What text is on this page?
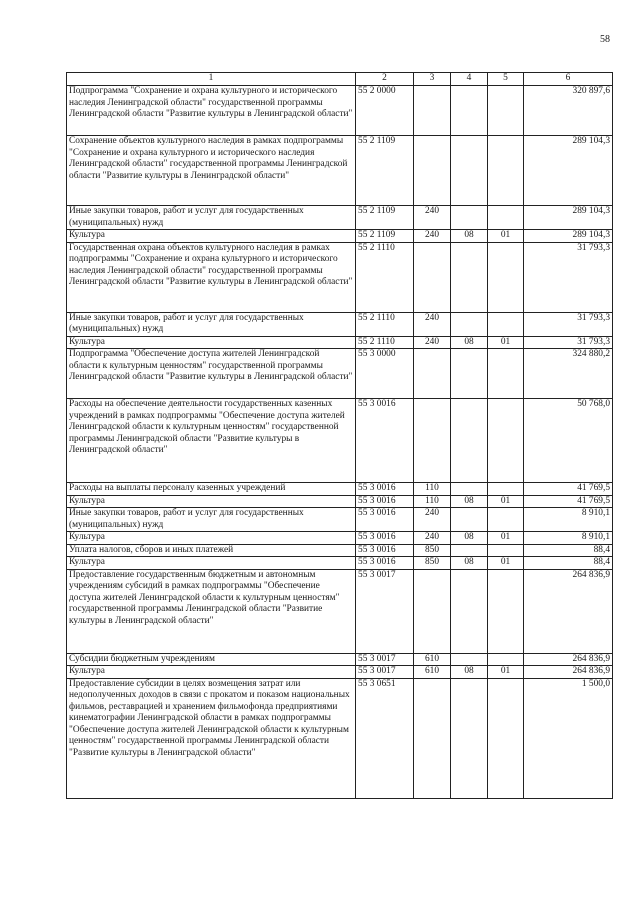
58
1	2	3	4	5	6
Подпрограмма "Сохранение и охрана культурного и исторического наследия Ленинградской области" государственной программы Ленинградской области "Развитие культуры в Ленинградской области"	55 2 0000				320 897,6
Сохранение объектов культурного наследия в рамках подпрограммы "Сохранение и охрана культурного и исторического наследия Ленинградской области" государственной программы Ленинградской области "Развитие культуры в Ленинградской области"	55 2 1109				289 104,3
Иные закупки товаров, работ и услуг для государственных (муниципальных) нужд	55 2 1109	240			289 104,3
Культура	55 2 1109	240	08	01	289 104,3
Государственная охрана объектов культурного наследия в рамках подпрограммы "Сохранение и охрана культурного и исторического наследия Ленинградской области" государственной программы Ленинградской области "Развитие культуры в Ленинградской области"	55 2 1110				31 793,3
Иные закупки товаров, работ и услуг для государственных (муниципальных) нужд	55 2 1110	240			31 793,3
Культура	55 2 1110	240	08	01	31 793,3
Подпрограмма "Обеспечение доступа жителей Ленинградской области к культурным ценностям" государственной программы Ленинградской области "Развитие культуры в Ленинградской области"	55 3 0000				324 880,2
Расходы на обеспечение деятельности государственных казенных учреждений в рамках подпрограммы "Обеспечение доступа жителей Ленинградской области к культурным ценностям" государственной программы Ленинградской области "Развитие культуры в Ленинградской области"	55 3 0016				50 768,0
Расходы на выплаты персоналу казенных учреждений	55 3 0016	110			41 769,5
Культура	55 3 0016	110	08	01	41 769,5
Иные закупки товаров, работ и услуг для государственных (муниципальных) нужд	55 3 0016	240			8 910,1
Культура	55 3 0016	240	08	01	8 910,1
Уплата налогов, сборов и иных платежей	55 3 0016	850			88,4
Культура	55 3 0016	850	08	01	88,4
Предоставление государственным бюджетным и автономным учреждениям субсидий в рамках подпрограммы "Обеспечение доступа жителей Ленинградской области к культурным ценностям" государственной программы Ленинградской области "Развитие культуры в Ленинградской области"	55 3 0017				264 836,9
Субсидии бюджетным учреждениям	55 3 0017	610			264 836,9
Культура	55 3 0017	610	08	01	264 836,9
Предоставление субсидии в целях возмещения затрат или недополученных доходов в связи с прокатом и показом национальных фильмов, реставрацией и хранением фильмофонда предприятиями кинематографии Ленинградской области в рамках подпрограммы "Обеспечение доступа жителей Ленинградской области к культурным ценностям" государственной программы Ленинградской области "Развитие культуры в Ленинградской области"	55 3 0651				1 500,0
